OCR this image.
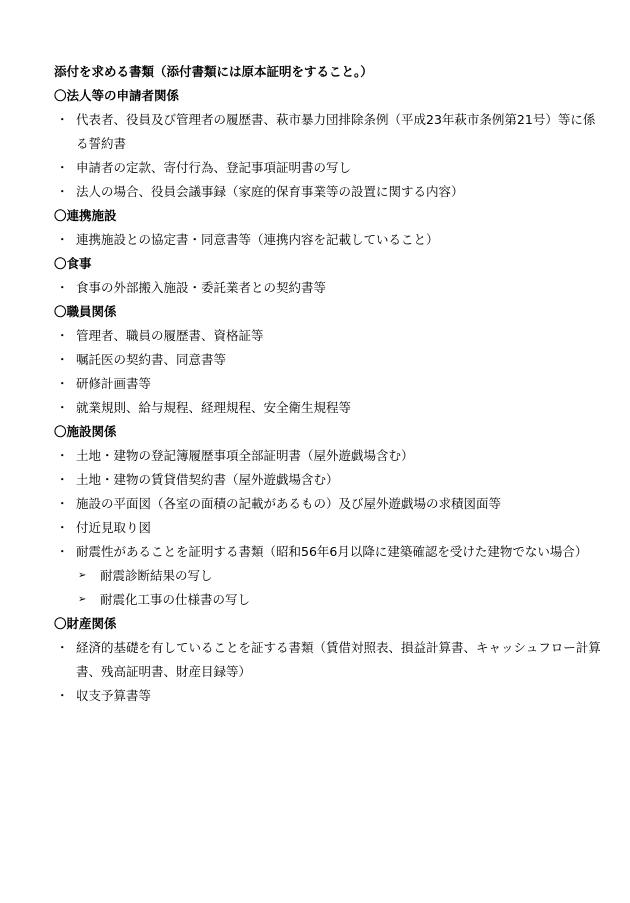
添付を求める書類（添付書類には原本証明をすること。）
〇法人等の申請者関係
・ 代表者、役員及び管理者の履歴書、萩市暴力団排除条例（平成23年萩市条例第21号）等に係る誓約書
・ 申請者の定款、寄付行為、登記事項証明書の写し
・ 法人の場合、役員会議事録（家庭的保育事業等の設置に関する内容）
〇連携施設
・ 連携施設との協定書・同意書等（連携内容を記載していること）
〇食事
・ 食事の外部搬入施設・委託業者との契約書等
〇職員関係
・ 管理者、職員の履歴書、資格証等
・ 嘱託医の契約書、同意書等
・ 研修計画書等
・ 就業規則、給与規程、経理規程、安全衛生規程等
〇施設関係
・ 土地・建物の登記簿履歴事項全部証明書（屋外遊戯場含む）
・ 土地・建物の賃貸借契約書（屋外遊戯場含む）
・ 施設の平面図（各室の面積の記載があるもの）及び屋外遊戯場の求積図面等
・ 付近見取り図
・ 耐震性があることを証明する書類（昭和56年6月以降に建築確認を受けた建物でない場合）
➢	耐震診断結果の写し
➢	耐震化工事の仕様書の写し
〇財産関係
・ 経済的基礎を有していることを証する書類（賃借対照表、損益計算書、キャッシュフロー計算書、残高証明書、財産目録等）
・ 収支予算書等
